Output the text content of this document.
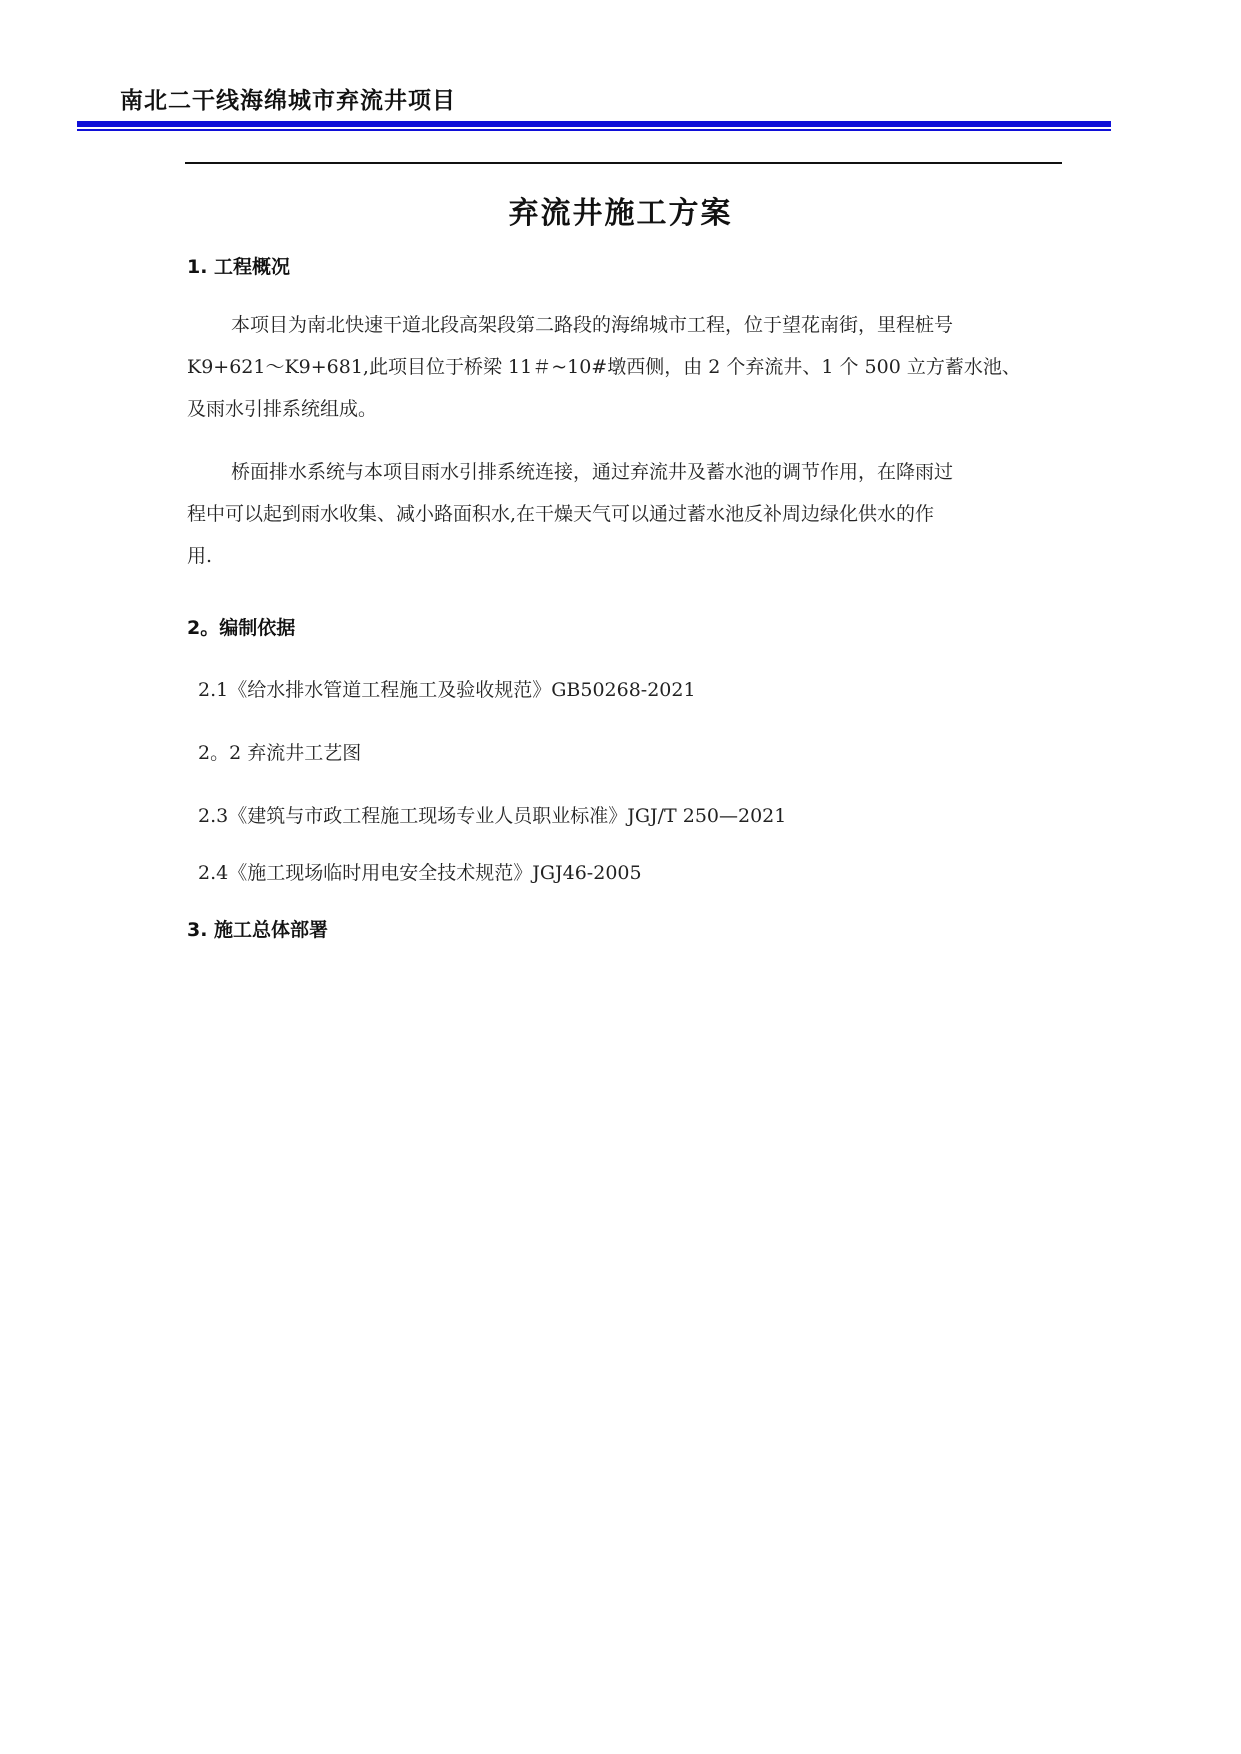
南北二干线海绵城市弃流井项目
弃流井施工方案
1. 工程概况
本项目为南北快速干道北段高架段第二路段的海绵城市工程，位于望花南街，里程桩号
K9+621～K9+681,此项目位于桥梁 11＃~10#墩西侧，由 2 个弃流井、1 个 500 立方蓄水池、
及雨水引排系统组成。
桥面排水系统与本项目雨水引排系统连接，通过弃流井及蓄水池的调节作用，在降雨过
程中可以起到雨水收集、减小路面积水,在干燥天气可以通过蓄水池反补周边绿化供水的作
用.
2。编制依据
2.1《给水排水管道工程施工及验收规范》GB50268-2021
2。2 弃流井工艺图
2.3《建筑与市政工程施工现场专业人员职业标准》JGJ/T 250—2021
2.4《施工现场临时用电安全技术规范》JGJ46-2005
3. 施工总体部署
